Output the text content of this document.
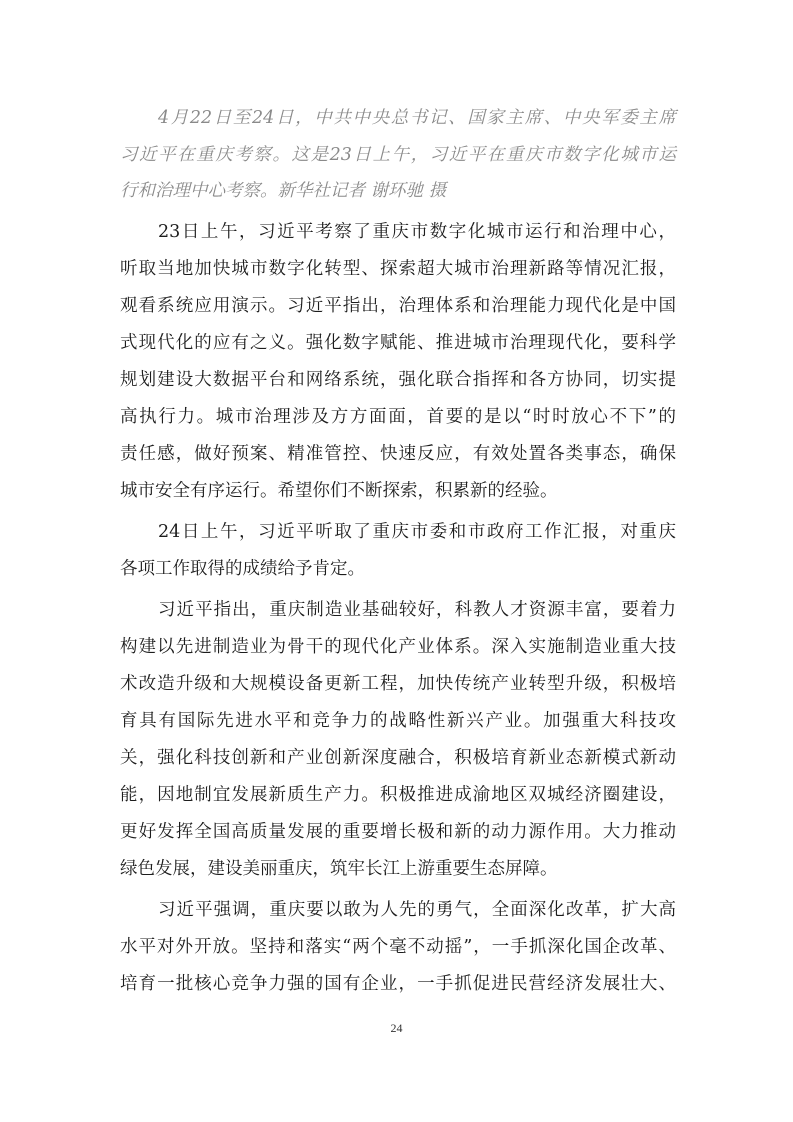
4月22日至24日，中共中央总书记、国家主席、中央军委主席
习近平在重庆考察。这是23日上午，习近平在重庆市数字化城市运
行和治理中心考察。新华社记者 谢环驰 摄
23日上午，习近平考察了重庆市数字化城市运行和治理中心，
听取当地加快城市数字化转型、探索超大城市治理新路等情况汇报，
观看系统应用演示。习近平指出，治理体系和治理能力现代化是中国
式现代化的应有之义。强化数字赋能、推进城市治理现代化，要科学
规划建设大数据平台和网络系统，强化联合指挥和各方协同，切实提
高执行力。城市治理涉及方方面面，首要的是以“时时放心不下”的
责任感，做好预案、精准管控、快速反应，有效处置各类事态，确保
城市安全有序运行。希望你们不断探索，积累新的经验。
24日上午，习近平听取了重庆市委和市政府工作汇报，对重庆
各项工作取得的成绩给予肯定。
习近平指出，重庆制造业基础较好，科教人才资源丰富，要着力
构建以先进制造业为骨干的现代化产业体系。深入实施制造业重大技
术改造升级和大规模设备更新工程，加快传统产业转型升级，积极培
育具有国际先进水平和竞争力的战略性新兴产业。加强重大科技攻
关，强化科技创新和产业创新深度融合，积极培育新业态新模式新动
能，因地制宜发展新质生产力。积极推进成渝地区双城经济圈建设，
更好发挥全国高质量发展的重要增长极和新的动力源作用。大力推动
绿色发展，建设美丽重庆，筑牢长江上游重要生态屏障。
习近平强调，重庆要以敢为人先的勇气，全面深化改革，扩大高
水平对外开放。坚持和落实“两个毫不动摇”，一手抓深化国企改革、
培育一批核心竞争力强的国有企业，一手抓促进民营经济发展壮大、
24
